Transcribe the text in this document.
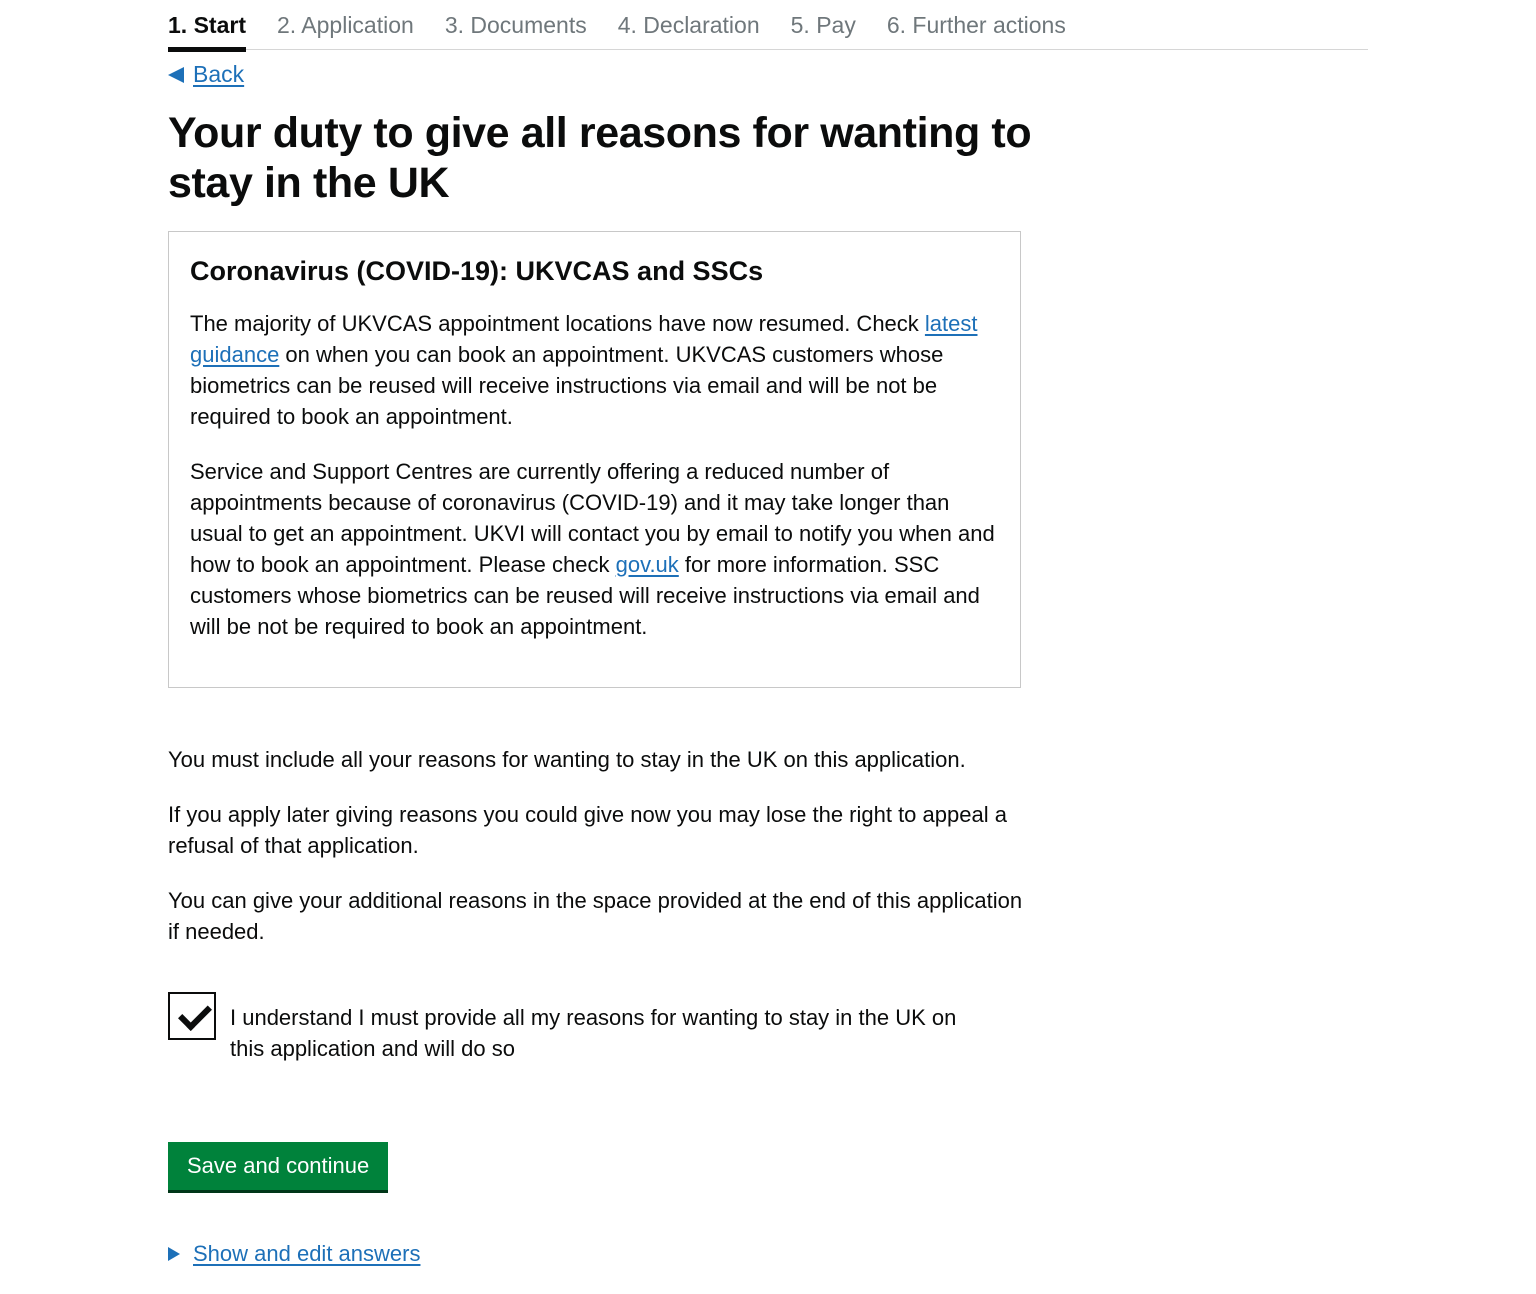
1. Start 2. Application 3. Documents 4. Declaration 5. Pay 6. Further actions
Back
Your duty to give all reasons for wanting to stay in the UK
Coronavirus (COVID-19): UKVCAS and SSCs

The majority of UKVCAS appointment locations have now resumed. Check latest guidance on when you can book an appointment. UKVCAS customers whose biometrics can be reused will receive instructions via email and will be not be required to book an appointment.

Service and Support Centres are currently offering a reduced number of appointments because of coronavirus (COVID-19) and it may take longer than usual to get an appointment. UKVI will contact you by email to notify you when and how to book an appointment. Please check gov.uk for more information. SSC customers whose biometrics can be reused will receive instructions via email and will be not be required to book an appointment.

You must include all your reasons for wanting to stay in the UK on this application.

If you apply later giving reasons you could give now you may lose the right to appeal a refusal of that application.

You can give your additional reasons in the space provided at the end of this application if needed.

I understand I must provide all my reasons for wanting to stay in the UK on this application and will do so
Save and continue
Show and edit answers
